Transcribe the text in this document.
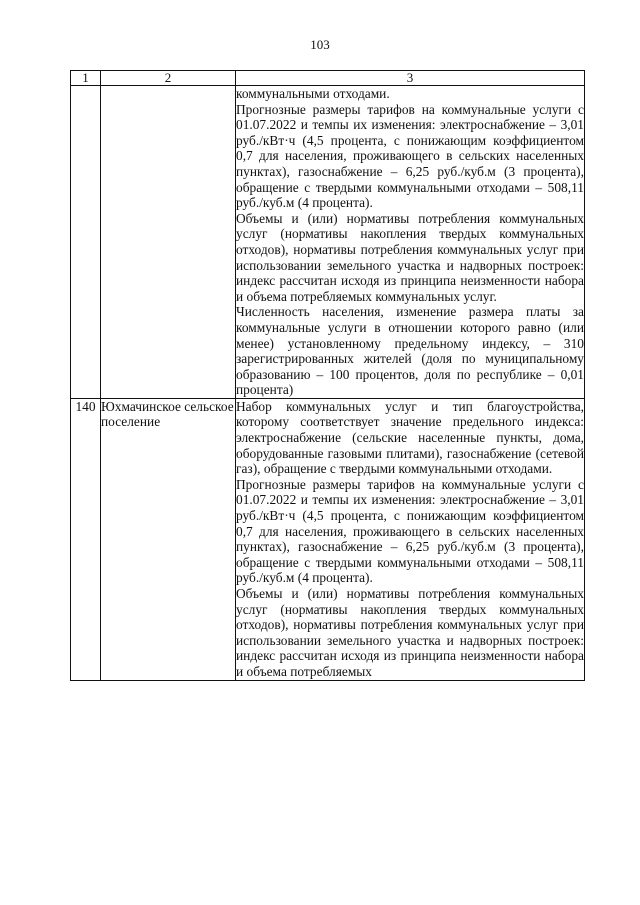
103
1	2	3

		коммунальными отходами.

Прогнозные размеры тарифов на коммунальные услуги с 01.07.2022 и темпы их изменения: электроснабжение – 3,01 руб./кВт·ч (4,5 процента, с понижающим коэффициентом 0,7 для населения, проживающего в сельских населенных пунктах), газоснабжение – 6,25 руб./куб.м (3 процента), обращение с твердыми коммунальными отходами – 508,11 руб./куб.м (4 процента).

Объемы и (или) нормативы потребления коммунальных услуг (нормативы накопления твердых коммунальных отходов), нормативы потребления коммунальных услуг при использовании земельного участка и надворных построек: индекс рассчитан исходя из принципа неизменности набора и объема потребляемых коммунальных услуг.

Численность населения, изменение размера платы за коммунальные услуги в отношении которого равно (или менее) установленному предельному индексу, – 310 зарегистрированных жителей (доля по муниципальному образованию – 100 процентов, доля по республике – 0,01 процента)

140	Юхмачинское сельское поселение	Набор коммунальных услуг и тип благоустройства, которому соответствует значение предельного индекса: электроснабжение (сельские населенные пункты, дома, оборудованные газовыми плитами), газоснабжение (сетевой газ), обращение с твердыми коммунальными отходами.

Прогнозные размеры тарифов на коммунальные услуги с 01.07.2022 и темпы их изменения: электроснабжение – 3,01 руб./кВт·ч (4,5 процента, с понижающим коэффициентом 0,7 для населения, проживающего в сельских населенных пунктах), газоснабжение – 6,25 руб./куб.м (3 процента), обращение с твердыми коммунальными отходами – 508,11 руб./куб.м (4 процента).

Объемы и (или) нормативы потребления коммунальных услуг (нормативы накопления твердых коммунальных отходов), нормативы потребления коммунальных услуг при использовании земельного участка и надворных построек: индекс рассчитан исходя из принципа неизменности набора и объема потребляемых
